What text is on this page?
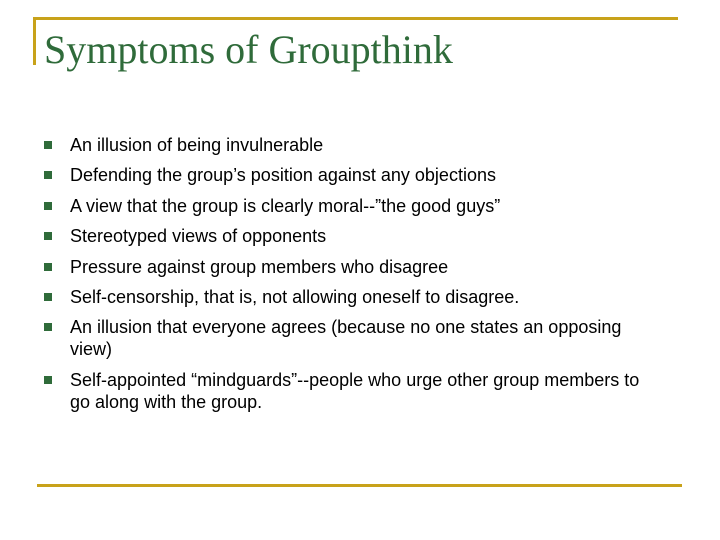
Symptoms of Groupthink
An illusion of being invulnerable
Defending the group’s position against any objections
A view that the group is clearly moral--”the good guys”
Stereotyped views of opponents
Pressure against group members who disagree
Self-censorship, that is, not allowing oneself to disagree.
An illusion that everyone agrees (because no one states an opposing view)
Self-appointed “mindguards”--people who urge other group members to go along with the group.
